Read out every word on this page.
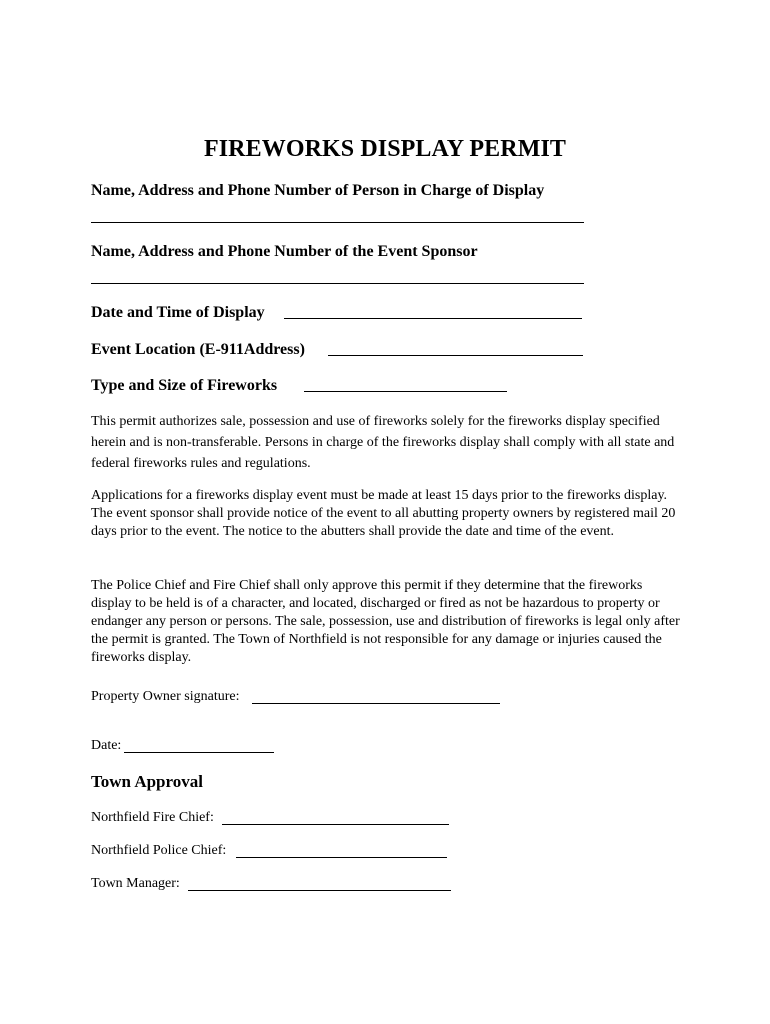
FIREWORKS DISPLAY PERMIT
Name, Address and Phone Number of Person in Charge of Display
Name, Address and Phone Number of the Event Sponsor
Date and Time of Display
Event Location (E-911Address)
Type and Size of Fireworks
This permit authorizes sale, possession and use of fireworks solely for the fireworks display specified herein and is non-transferable. Persons in charge of the fireworks display shall comply with all state and federal fireworks rules and regulations.
Applications for a fireworks display event must be made at least 15 days prior to the fireworks display. The event sponsor shall provide notice of the event to all abutting property owners by registered mail 20 days prior to the event. The notice to the abutters shall provide the date and time of the event.
The Police Chief and Fire Chief shall only approve this permit if they determine that the fireworks display to be held is of a character, and located, discharged or fired as not be hazardous to property or endanger any person or persons. The sale, possession, use and distribution of fireworks is legal only after the permit is granted. The Town of Northfield is not responsible for any damage or injuries caused the fireworks display.
Property Owner signature:
Date:
Town Approval
Northfield Fire Chief:
Northfield Police Chief:
Town Manager:
